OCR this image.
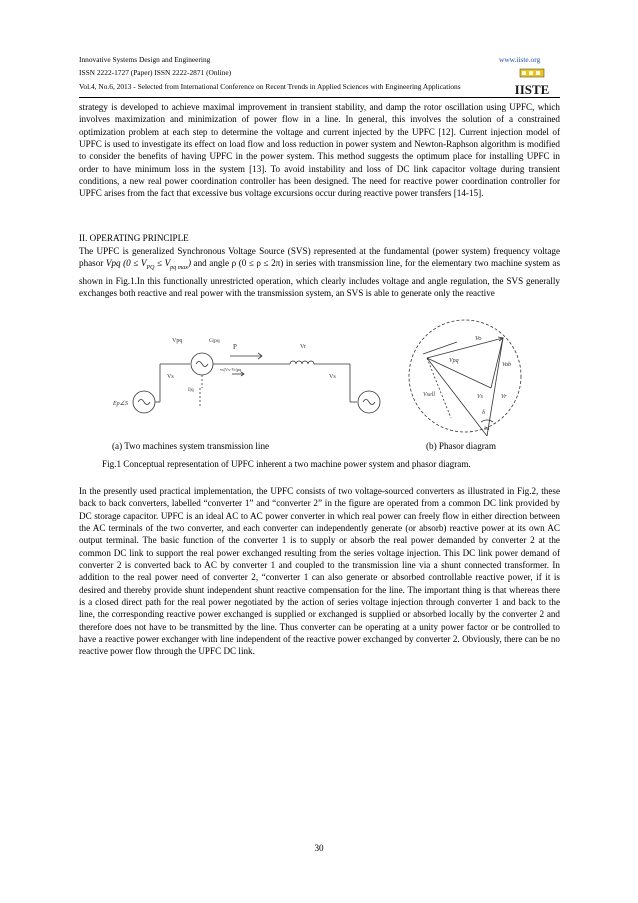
Innovative Systems Design and Engineering	www.iiste.org
ISSN 2222-1727 (Paper) ISSN 2222-2871 (Online)
Vol.4, No.6, 2013 - Selected from International Conference on Recent Trends in Applied Sciences with Engineering Applications	IISTE

strategy is developed to achieve maximal improvement in transient stability, and damp the rotor oscillation using UPFC, which involves maximization and minimization of power flow in a line. In general, this involves the solution of a constrained optimization problem at each step to determine the voltage and current injected by the UPFC [12]. Current injection model of UPFC is used to investigate its effect on load flow and loss reduction in power system and Newton-Raphson algorithm is modified to consider the benefits of having UPFC in the power system. This method suggests the optimum place for installing UPFC in order to have minimum loss in the system [13]. To avoid instability and loss of DC link capacitor voltage during transient conditions, a new real power coordination controller has been designed. The need for reactive power coordination controller for UPFC arises from the fact that excessive bus voltage excursions occur during reactive power transfers [14-15].

II. OPERATING PRINCIPLE

The UPFC is generalized Synchronous Voltage Source (SVS) represented at the fundamental (power system) frequency voltage phasor Vpq $(0 \le V_{PQ} \le V_{pq max})$ and angle ρ (0 ≤ ρ ≤ 2π) in series with transmission line, for the elementary two machine system as shown in Fig.1.In this functionally unrestricted operation, which clearly includes voltage and angle regulation, the SVS generally exchanges both reactive and real power with the transmission system, an SVS is able to generate only the reactive

Vpq	G|pq
P	Vr
Vs
I|q
Vs
vs|Vs-Vr|pq
Ep∠S
Vo
Vpq
Vab
Vs	Vr
Vsell
δ
δo
(a) Two machines system transmission line	(b) Phasor diagram
Fig.1 Conceptual representation of UPFC inherent a two machine power system and phasor diagram.

In the presently used practical implementation, the UPFC consists of two voltage-sourced converters as illustrated in Fig.2, these back to back converters, labelled “converter 1” and “converter 2” in the figure are operated from a common DC link provided by DC storage capacitor. UPFC is an ideal AC to AC power converter in which real power can freely flow in either direction between the AC terminals of the two converter, and each converter can independently generate (or absorb) reactive power at its own AC output terminal. The basic function of the converter 1 is to supply or absorb the real power demanded by converter 2 at the common DC link to support the real power exchanged resulting from the series voltage injection. This DC link power demand of converter 2 is converted back to AC by converter 1 and coupled to the transmission line via a shunt connected transformer. In addition to the real power need of converter 2, “converter 1 can also generate or absorbed controllable reactive power, if it is desired and thereby provide shunt independent shunt reactive compensation for the line. The important thing is that whereas there is a closed direct path for the real power negotiated by the action of series voltage injection through converter 1 and back to the line, the corresponding reactive power exchanged is supplied or exchanged is supplied or absorbed locally by the converter 2 and therefore does not have to be transmitted by the line. Thus converter can be operating at a unity power factor or be controlled to have a reactive power exchanger with line independent of the reactive power exchanged by converter 2. Obviously, there can be no reactive power flow through the UPFC DC link.

30
